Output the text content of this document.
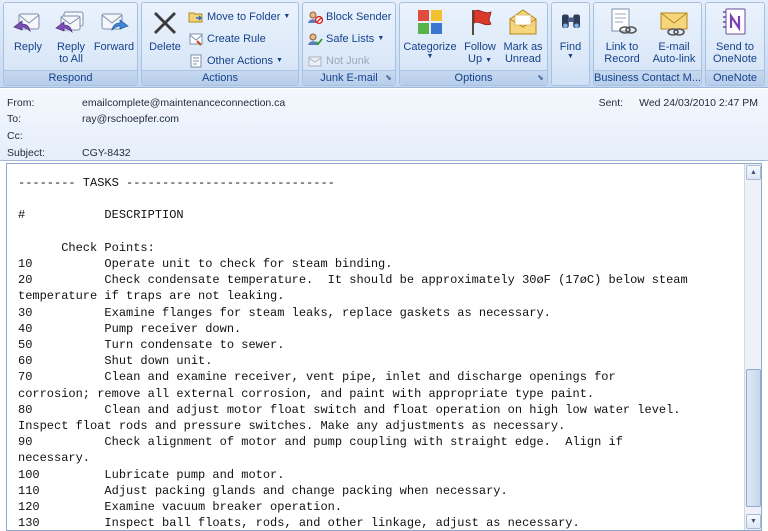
Reply	Reply
to All
Forward
Respond
Delete
Move to Folder ▼
Create Rule
Other Actions ▼
Actions
Block Sender
Safe Lists ▼
Not Junk
Junk E-mail ⬊
Categorize
▼
Follow
Up ▼
Mark as
Unread
Options	⬊
Find
▼
Link to
Record
E-mail
Auto-link
Business Contact M...
Send to
OneNote
OneNote
From:	emailcomplete@maintenanceconnection.ca
To:	ray@rschoepfer.com
Cc:
Subject:	CGY-8432
Sent: Wed 24/03/2010 2:47 PM
-------- TASKS -----------------------------

#           DESCRIPTION

Check Points:
10          Operate unit to check for steam binding.
20          Check condensate temperature.  It should be approximately 30øF (17øC) below steam
temperature if traps are not leaking.
30          Examine flanges for steam leaks, replace gaskets as necessary.
40          Pump receiver down.
50          Turn condensate to sewer.
60          Shut down unit.
70          Clean and examine receiver, vent pipe, inlet and discharge openings for
corrosion; remove all external corrosion, and paint with appropriate type paint.
80          Clean and adjust motor float switch and float operation on high low water level.
Inspect float rods and pressure switches. Make any adjustments as necessary.
90          Check alignment of motor and pump coupling with straight edge.  Align if
necessary.
100         Lubricate pump and motor.
110         Adjust packing glands and change packing when necessary.
120         Examine vacuum breaker operation.
130         Inspect ball floats, rods, and other linkage, adjust as necessary.
▲
▼
